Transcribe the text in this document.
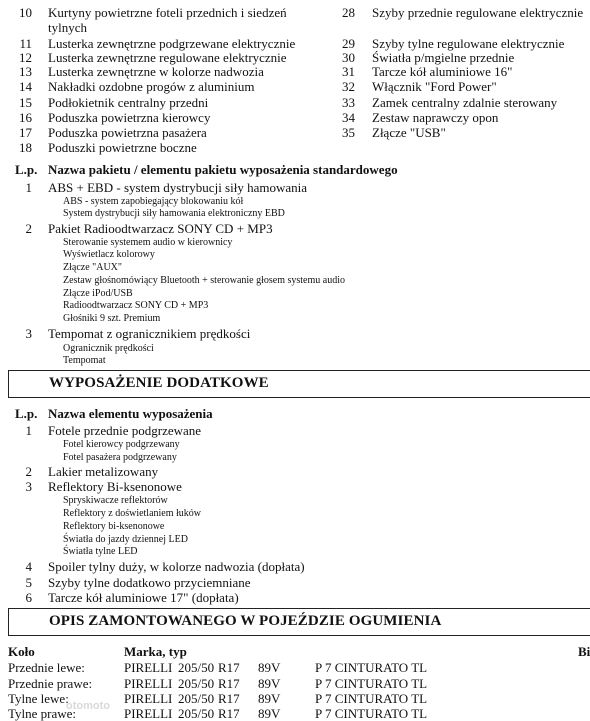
10 Kurtyny powietrzne foteli przednich i siedzeń
tylnych
11 Lusterka zewnętrzne podgrzewane elektrycznie
12 Lusterka zewnętrzne regulowane elektrycznie
13 Lusterka zewnętrzne w kolorze nadwozia
14 Nakładki ozdobne progów z aluminium
15 Podłokietnik centralny przedni
16 Poduszka powietrzna kierowcy
17 Poduszka powietrzna pasażera
18 Poduszki powietrzne boczne
28 Szyby przednie regulowane elektrycznie
29 Szyby tylne regulowane elektrycznie
30 Światła p/mgielne przednie
31 Tarcze kół aluminiowe 16"
32 Włącznik "Ford Power"
33 Zamek centralny zdalnie sterowany
34 Zestaw naprawczy opon
35 Złącze "USB"
L.p. Nazwa pakietu / elementu pakietu wyposażenia standardowego
1 ABS + EBD - system dystrybucji siły hamowania
ABS - system zapobiegający blokowaniu kół
System dystrybucji siły hamowania elektroniczny EBD
2 Pakiet Radioodtwarzacz SONY CD + MP3
Sterowanie systemem audio w kierownicy
Wyświetlacz kolorowy
Złącze "AUX"
Zestaw głośnomówiący Bluetooth + sterowanie głosem systemu audio
Złącze iPod/USB
Radioodtwarzacz SONY CD + MP3
Głośniki 9 szt. Premium
3 Tempomat z ogranicznikiem prędkości
Ogranicznik prędkości
Tempomat
WYPOSAŻENIE DODATKOWE
L.p. Nazwa elementu wyposażenia
1 Fotele przednie podgrzewane
Fotel kierowcy podgrzewany
Fotel pasażera podgrzewany
2 Lakier metalizowany
3 Reflektory Bi-ksenonowe
Spryskiwacze reflektorów
Reflektory z doświetlaniem łuków
Reflektory bi-ksenonowe
Światła do jazdy dziennej LED
Światła tylne LED
4 Spoiler tylny duży, w kolorze nadwozia (dopłata)
5 Szyby tylne dodatkowo przyciemniane
6 Tarcze kół aluminiowe 17" (dopłata)
OPIS ZAMONTOWANEGO W POJEŹDZIE OGUMIENIA
Koło	Marka, typ	Bi
Przednie lewe:	PIRELLI 205/50 R17 89V	P 7 CINTURATO TL
Przednie prawe: PIRELLI 205/50 R17 89V	P 7 CINTURATO TL
Tylne lewe:	PIRELLI 205/50 R17 89V	P 7 CINTURATO TL
Tylne prawe:	PIRELLI 205/50 R17 89V	P 7 CINTURATO TL
otomoto
